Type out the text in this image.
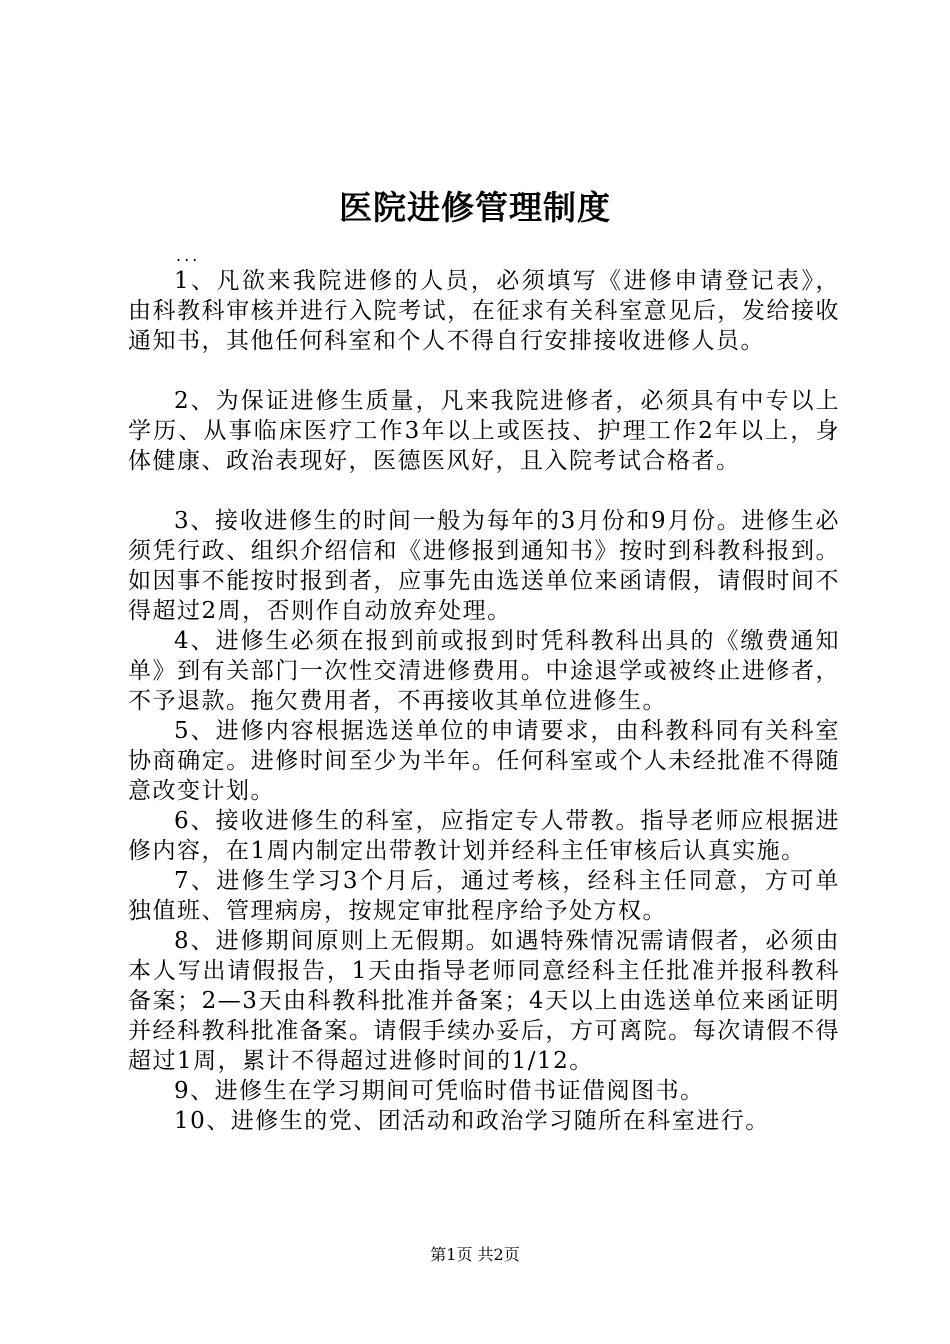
医院进修管理制度
...

1、凡欲来我院进修的人员，必须填写《进修申请登记表》，由科教科审核并进行入院考试，在征求有关科室意见后，发给接收通知书，其他任何科室和个人不得自行安排接收进修人员。

2、为保证进修生质量，凡来我院进修者，必须具有中专以上学历、从事临床医疗工作3年以上或医技、护理工作2年以上，身体健康、政治表现好，医德医风好，且入院考试合格者。

3、接收进修生的时间一般为每年的3月份和9月份。进修生必须凭行政、组织介绍信和《进修报到通知书》按时到科教科报到。如因事不能按时报到者，应事先由选送单位来函请假，请假时间不得超过2周，否则作自动放弃处理。

4、进修生必须在报到前或报到时凭科教科出具的《缴费通知单》到有关部门一次性交清进修费用。中途退学或被终止进修者，不予退款。拖欠费用者，不再接收其单位进修生。

5、进修内容根据选送单位的申请要求，由科教科同有关科室协商确定。进修时间至少为半年。任何科室或个人未经批准不得随意改变计划。

6、接收进修生的科室，应指定专人带教。指导老师应根据进修内容，在1周内制定出带教计划并经科主任审核后认真实施。

7、进修生学习3个月后，通过考核，经科主任同意，方可单独值班、管理病房，按规定审批程序给予处方权。

8、进修期间原则上无假期。如遇特殊情况需请假者，必须由本人写出请假报告，1天由指导老师同意经科主任批准并报科教科备案；2—3天由科教科批准并备案；4天以上由选送单位来函证明并经科教科批准备案。请假手续办妥后，方可离院。每次请假不得超过1周，累计不得超过进修时间的1/12。

9、进修生在学习期间可凭临时借书证借阅图书。

10、进修生的党、团活动和政治学习随所在科室进行。

第1页 共2页
